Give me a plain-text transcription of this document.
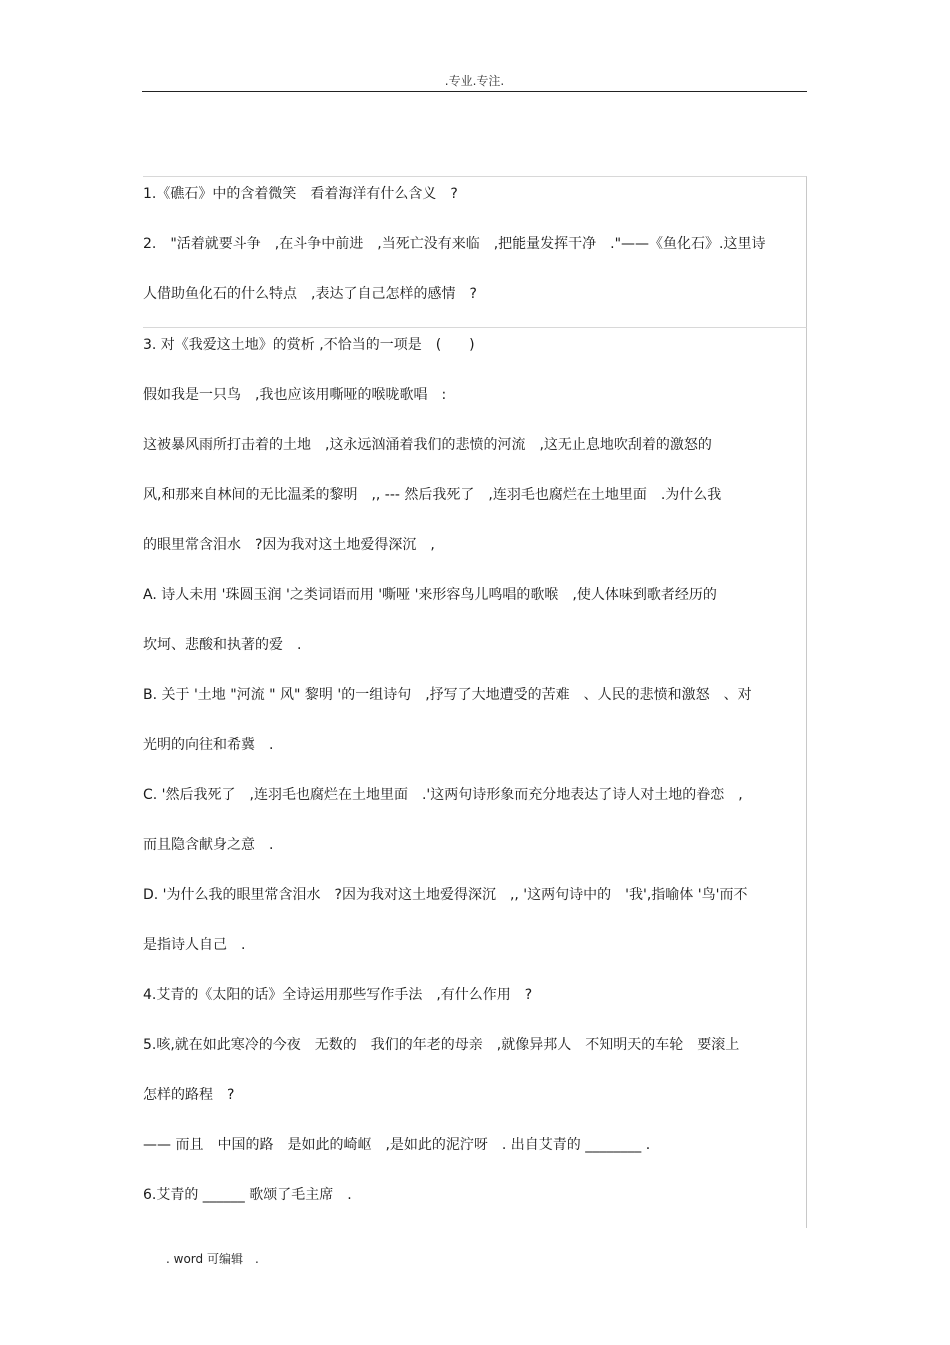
.专业.专注.
1.《礁石》中的含着微笑　看着海洋有什么含义　?
2.　"活着就要斗争　,在斗争中前进　,当死亡没有来临　,把能量发挥干净　."——《鱼化石》.这里诗
人借助鱼化石的什么特点　,表达了自己怎样的感情　?
3. 对《我爱这土地》的赏析 ,不恰当的一项是　(　　)
假如我是一只鸟　,我也应该用嘶哑的喉咙歌唱　:
这被暴风雨所打击着的土地　,这永远汹涌着我们的悲愤的河流　,这无止息地吹刮着的激怒的
风,和那来自林间的无比温柔的黎明　,, --- 然后我死了　,连羽毛也腐烂在土地里面　.为什么我
的眼里常含泪水　?因为我对这土地爱得深沉　,
A. 诗人未用 '珠圆玉润 '之类词语而用 '嘶哑 '来形容鸟儿鸣唱的歌喉　,使人体味到歌者经历的
坎坷、悲酸和执著的爱　.
B. 关于 '土地 "河流 " 风" 黎明 '的一组诗句　,抒写了大地遭受的苦难　、人民的悲愤和激怒　、对
光明的向往和希冀　.
C. '然后我死了　,连羽毛也腐烂在土地里面　.'这两句诗形象而充分地表达了诗人对土地的眷恋　,
而且隐含献身之意　.
D. '为什么我的眼里常含泪水　?因为我对这土地爱得深沉　,, '这两句诗中的　'我',指喻体 '鸟'而不
是指诗人自己　.
4.艾青的《太阳的话》全诗运用那些写作手法　,有什么作用　?
5.咳,就在如此寒冷的今夜　无数的　我们的年老的母亲　,就像异邦人　不知明天的车轮　要滚上
怎样的路程　?
—— 而且　中国的路　是如此的崎岖　,是如此的泥泞呀　. 出自艾青的 ________ .
6.艾青的 ______ 歌颂了毛主席　.
. word 可编辑　.
